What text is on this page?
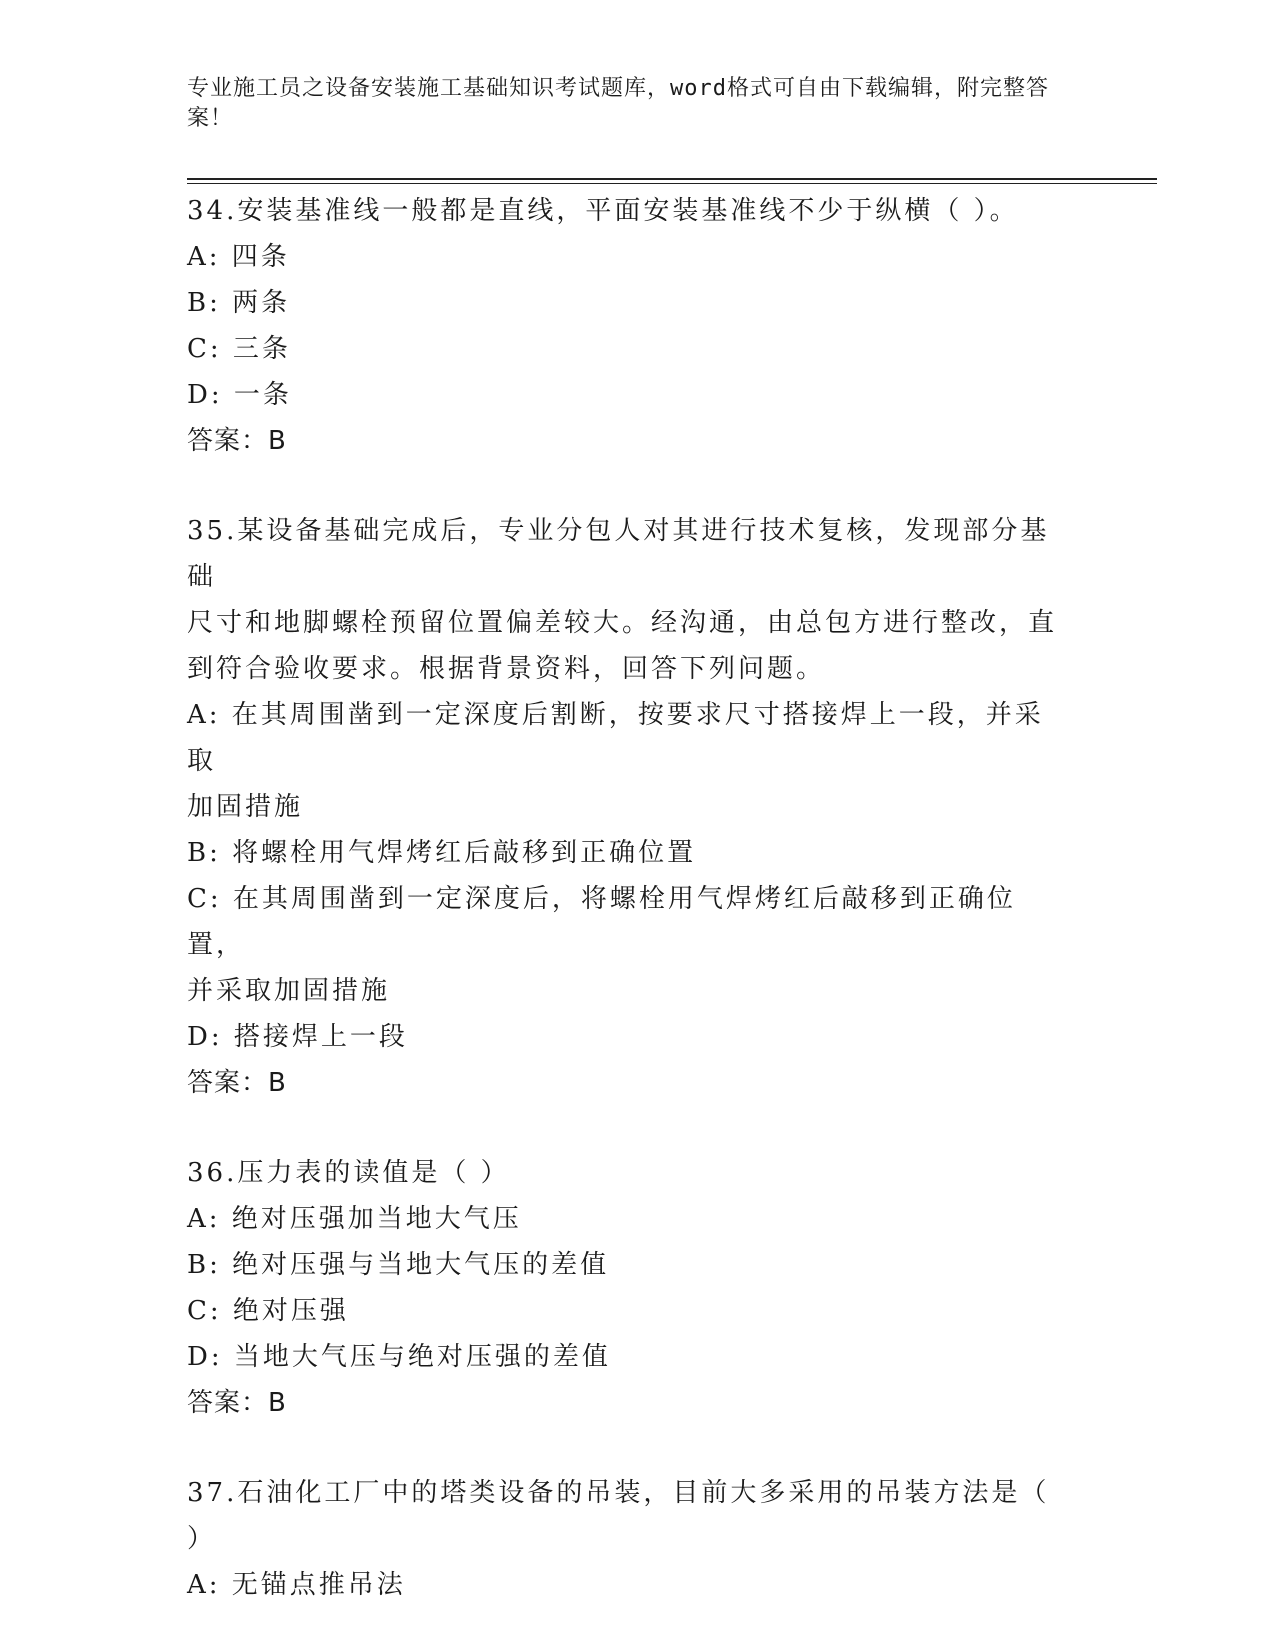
专业施工员之设备安装施工基础知识考试题库，word格式可自由下载编辑，附完整答案！
34.安装基准线一般都是直线，平面安装基准线不少于纵横（ ）。
A: 四条
B: 两条
C: 三条
D: 一条
答案：B
35.某设备基础完成后，专业分包人对其进行技术复核，发现部分基础
尺寸和地脚螺栓预留位置偏差较大。经沟通，由总包方进行整改，直
到符合验收要求。根据背景资料，回答下列问题。
A: 在其周围凿到一定深度后割断，按要求尺寸搭接焊上一段，并采取
加固措施
B: 将螺栓用气焊烤红后敲移到正确位置
C: 在其周围凿到一定深度后，将螺栓用气焊烤红后敲移到正确位置，
并采取加固措施
D: 搭接焊上一段
答案：B
36.压力表的读值是（ ）
A: 绝对压强加当地大气压
B: 绝对压强与当地大气压的差值
C: 绝对压强
D: 当地大气压与绝对压强的差值
答案：B
37.石油化工厂中的塔类设备的吊装，目前大多采用的吊装方法是（
）
A: 无锚点推吊法
